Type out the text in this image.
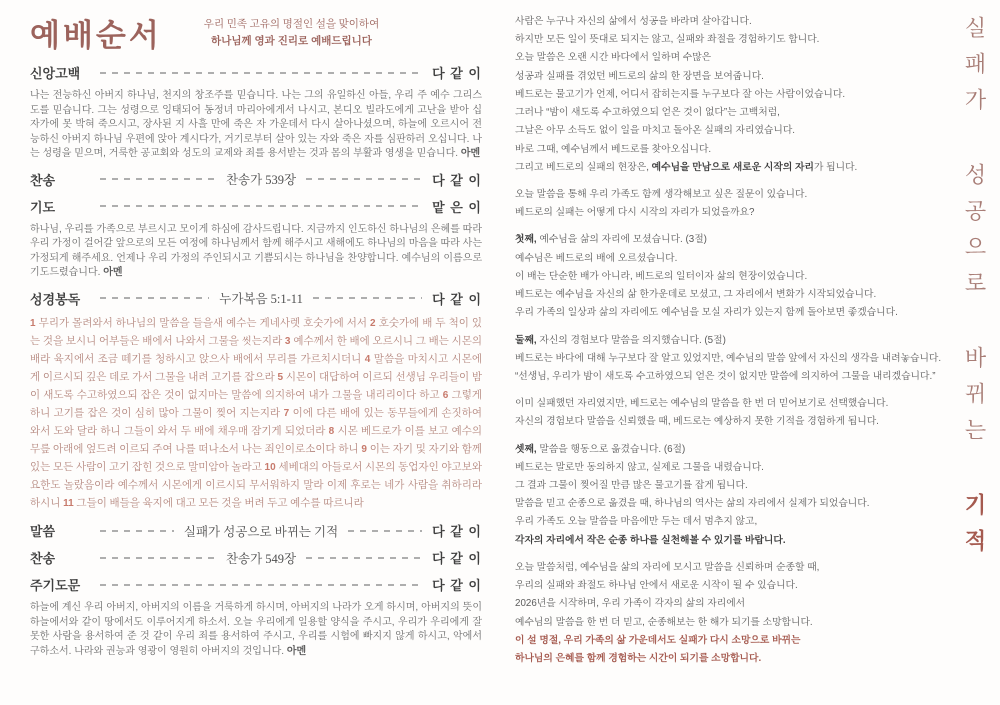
예배순서	우리 민족 고유의 명절인 설을 맞이하여
하나님께 영과 진리로 예배드립니다
신앙고백	다 같 이
나는 전능하신 아버지 하나님, 천지의 창조주를 믿습니다. 나는 그의 유일하신 아들, 우리 주 예수 그리스도를 믿습니다. 그는 성령으로 잉태되어 동정녀 마리아에게서 나시고, 본디오 빌라도에게 고난을 받아 십자가에 못 박혀 죽으시고, 장사된 지 사흘 만에 죽은 자 가운데서 다시 살아나셨으며, 하늘에 오르시어 전능하신 아버지 하나님 우편에 앉아 계시다가, 거기로부터 살아 있는 자와 죽은 자를 심판하러 오십니다. 나는 성령을 믿으며, 거룩한 공교회와 성도의 교제와 죄를 용서받는 것과 몸의 부활과 영생을 믿습니다. 아멘
찬송	찬송가 539장	다 같 이
기도	맡 은 이
하나님, 우리를 가족으로 부르시고 모이게 하심에 감사드립니다. 지금까지 인도하신 하나님의 은혜를 따라 우리 가정이 걸어갈 앞으로의 모든 여정에 하나님께서 함께 해주시고 새해에도 하나님의 마음을 따라 사는 가정되게 해주세요. 언제나 우리 가정의 주인되시고 기쁨되시는 하나님을 찬양합니다. 예수님의 이름으로 기도드렸습니다. 아멘
성경봉독	누가복음 5:1-11	다 같 이
1 무리가 몰려와서 하나님의 말씀을 들을새 예수는 게네사렛 호숫가에 서서 2 호숫가에 배 두 척이 있는 것을 보시니 어부들은 배에서 나와서 그물을 씻는지라 3 예수께서 한 배에 오르시니 그 배는 시몬의 배라 육지에서 조금 떼기를 청하시고 앉으사 배에서 무리를 가르치시더니 4 말씀을 마치시고 시몬에게 이르시되 깊은 데로 가서 그물을 내려 고기를 잡으라 5 시몬이 대답하여 이르되 선생님 우리들이 밤이 새도록 수고하였으되 잡은 것이 없지마는 말씀에 의지하여 내가 그물을 내리리이다 하고 6 그렇게 하니 고기를 잡은 것이 심히 많아 그물이 찢어 지는지라 7 이에 다른 배에 있는 동무들에게 손짓하여 와서 도와 달라 하니 그들이 와서 두 배에 채우매 잠기게 되었더라 8 시몬 베드로가 이를 보고 예수의 무릎 아래에 엎드려 이르되 주여 나를 떠나소서 나는 죄인이로소이다 하니 9 이는 자기 및 자기와 함께 있는 모든 사람이 고기 잡힌 것으로 말미암아 놀라고 10 세베대의 아들로서 시몬의 동업자인 야고보와 요한도 놀랐음이라 예수께서 시몬에게 이르시되 무서워하지 말라 이제 후로는 네가 사람을 취하리라 하시니 11 그들이 배들을 육지에 대고 모든 것을 버려 두고 예수를 따르니라
말씀	실패가 성공으로 바뀌는 기적	다 같 이
찬송	찬송가 549장	다 같 이
주기도문	다 같 이
하늘에 계신 우리 아버지, 아버지의 이름을 거룩하게 하시며, 아버지의 나라가 오게 하시며, 아버지의 뜻이 하늘에서와 같이 땅에서도 이루어지게 하소서. 오늘 우리에게 일용할 양식을 주시고, 우리가 우리에게 잘못한 사람을 용서하여 준 것 같이 우리 죄를 용서하여 주시고, 우리를 시험에 빠지지 않게 하시고, 악에서 구하소서. 나라와 권능과 영광이 영원히 아버지의 것입니다. 아멘
사람은 누구나 자신의 삶에서 성공을 바라며 살아갑니다.
하지만 모든 일이 뜻대로 되지는 않고, 실패와 좌절을 경험하기도 합니다.
오늘 말씀은 오랜 시간 바다에서 일하며 수많은
성공과 실패를 겪었던 베드로의 삶의 한 장면을 보여줍니다.
베드로는 물고기가 언제, 어디서 잡히는지를 누구보다 잘 아는 사람이었습니다.
그러나 “밤이 새도록 수고하였으되 얻은 것이 없다”는 고백처럼,
그날은 아무 소득도 없이 일을 마치고 돌아온 실패의 자리였습니다.
바로 그때, 예수님께서 베드로를 찾아오십니다.
그리고 베드로의 실패의 현장은, 예수님을 만남으로 새로운 시작의 자리가 됩니다.
오늘 말씀을 통해 우리 가족도 함께 생각해보고 싶은 질문이 있습니다.
베드로의 실패는 어떻게 다시 시작의 자리가 되었을까요?
첫째, 예수님을 삶의 자리에 모셨습니다. (3절)
예수님은 베드로의 배에 오르셨습니다.
이 배는 단순한 배가 아니라, 베드로의 일터이자 삶의 현장이었습니다.
베드로는 예수님을 자신의 삶 한가운데로 모셨고, 그 자리에서 변화가 시작되었습니다.
우리 가족의 일상과 삶의 자리에도 예수님을 모실 자리가 있는지 함께 돌아보면 좋겠습니다.
둘째, 자신의 경험보다 말씀을 의지했습니다. (5절)
베드로는 바다에 대해 누구보다 잘 알고 있었지만, 예수님의 말씀 앞에서 자신의 생각을 내려놓습니다.
“선생님, 우리가 밤이 새도록 수고하였으되 얻은 것이 없지만 말씀에 의지하여 그물을 내리겠습니다.”
이미 실패했던 자리였지만, 베드로는 예수님의 말씀을 한 번 더 믿어보기로 선택했습니다.
자신의 경험보다 말씀을 신뢰했을 때, 베드로는 예상하지 못한 기적을 경험하게 됩니다.
셋째, 말씀을 행동으로 옮겼습니다. (6절)
베드로는 말로만 동의하지 않고, 실제로 그물을 내렸습니다.
그 결과 그물이 찢어질 만큼 많은 물고기를 잡게 됩니다.
말씀을 믿고 순종으로 옮겼을 때, 하나님의 역사는 삶의 자리에서 실제가 되었습니다.
우리 가족도 오늘 말씀을 마음에만 두는 데서 멈추지 않고,
각자의 자리에서 작은 순종 하나를 실천해볼 수 있기를 바랍니다.
오늘 말씀처럼, 예수님을 삶의 자리에 모시고 말씀을 신뢰하며 순종할 때,
우리의 실패와 좌절도 하나님 안에서 새로운 시작이 될 수 있습니다.
2026년을 시작하며, 우리 가족이 각자의 삶의 자리에서
예수님의 말씀을 한 번 더 믿고, 순종해보는 한 해가 되기를 소망합니다.
이 설 명절, 우리 가족의 삶 가운데서도 실패가 다시 소망으로 바뀌는
하나님의 은혜를 함께 경험하는 시간이 되기를 소망합니다.
실패가 성공으로 바뀌는 기적
